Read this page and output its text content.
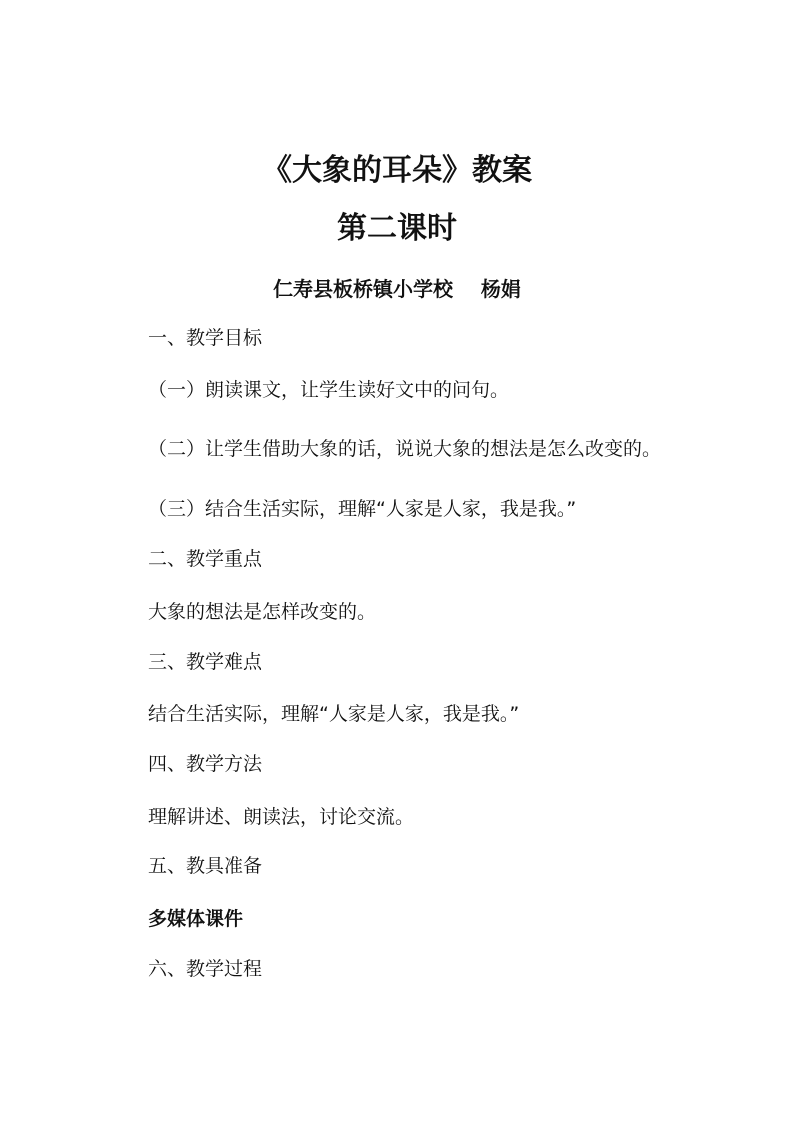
《大象的耳朵》教案
第二课时
仁寿县板桥镇小学校    杨娟
一、教学目标
（一）朗读课文，让学生读好文中的问句。
（二）让学生借助大象的话，说说大象的想法是怎么改变的。
（三）结合生活实际，理解“人家是人家，我是我。”
二、教学重点
大象的想法是怎样改变的。
三、教学难点
结合生活实际，理解“人家是人家，我是我。”
四、教学方法
理解讲述、朗读法，讨论交流。
五、教具准备
多媒体课件
六、教学过程
